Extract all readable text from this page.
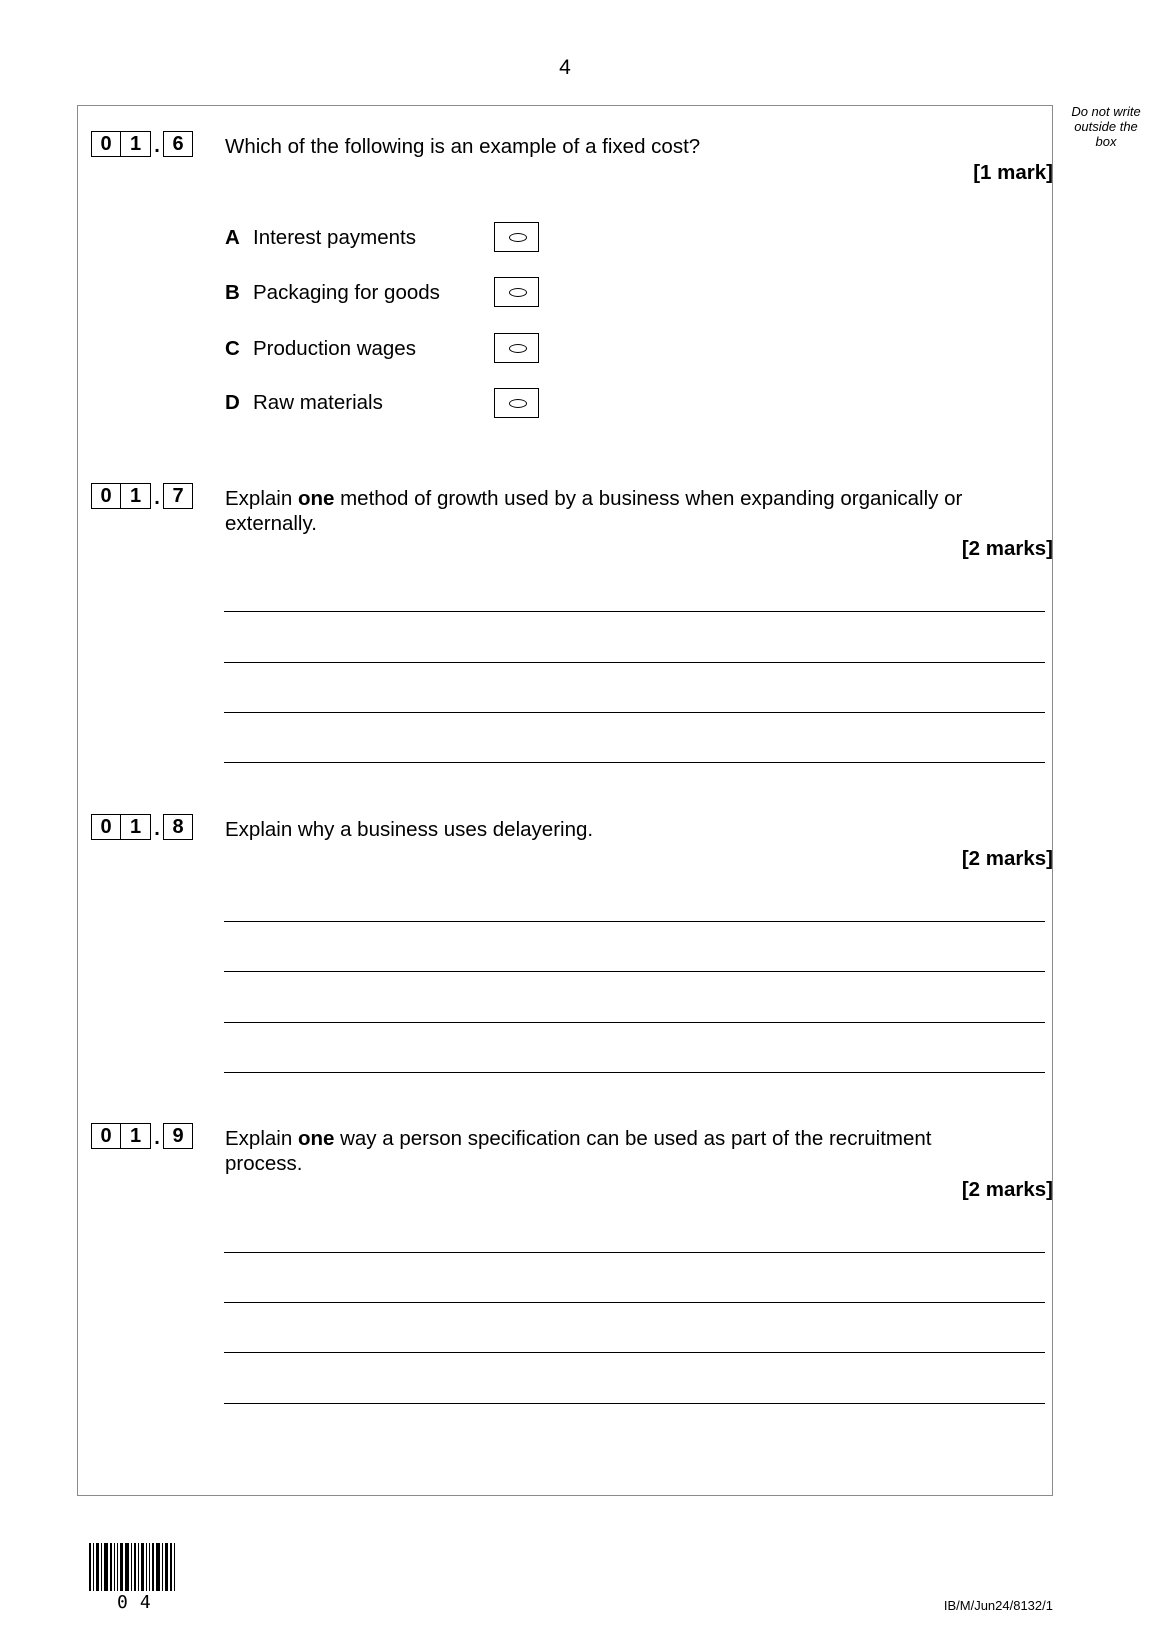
4
Do not write outside the box
0 1 . 6	Which of the following is an example of a fixed cost?
[1 mark]
A Interest payments
B Packaging for goods
C Production wages
D Raw materials
0 1 . 7	Explain one method of growth used by a business when expanding organically or externally.
[2 marks]
0 1 . 8	Explain why a business uses delayering.
[2 marks]
0 1 . 9	Explain one way a person specification can be used as part of the recruitment process.
[2 marks]
04	IB/M/Jun24/8132/1
